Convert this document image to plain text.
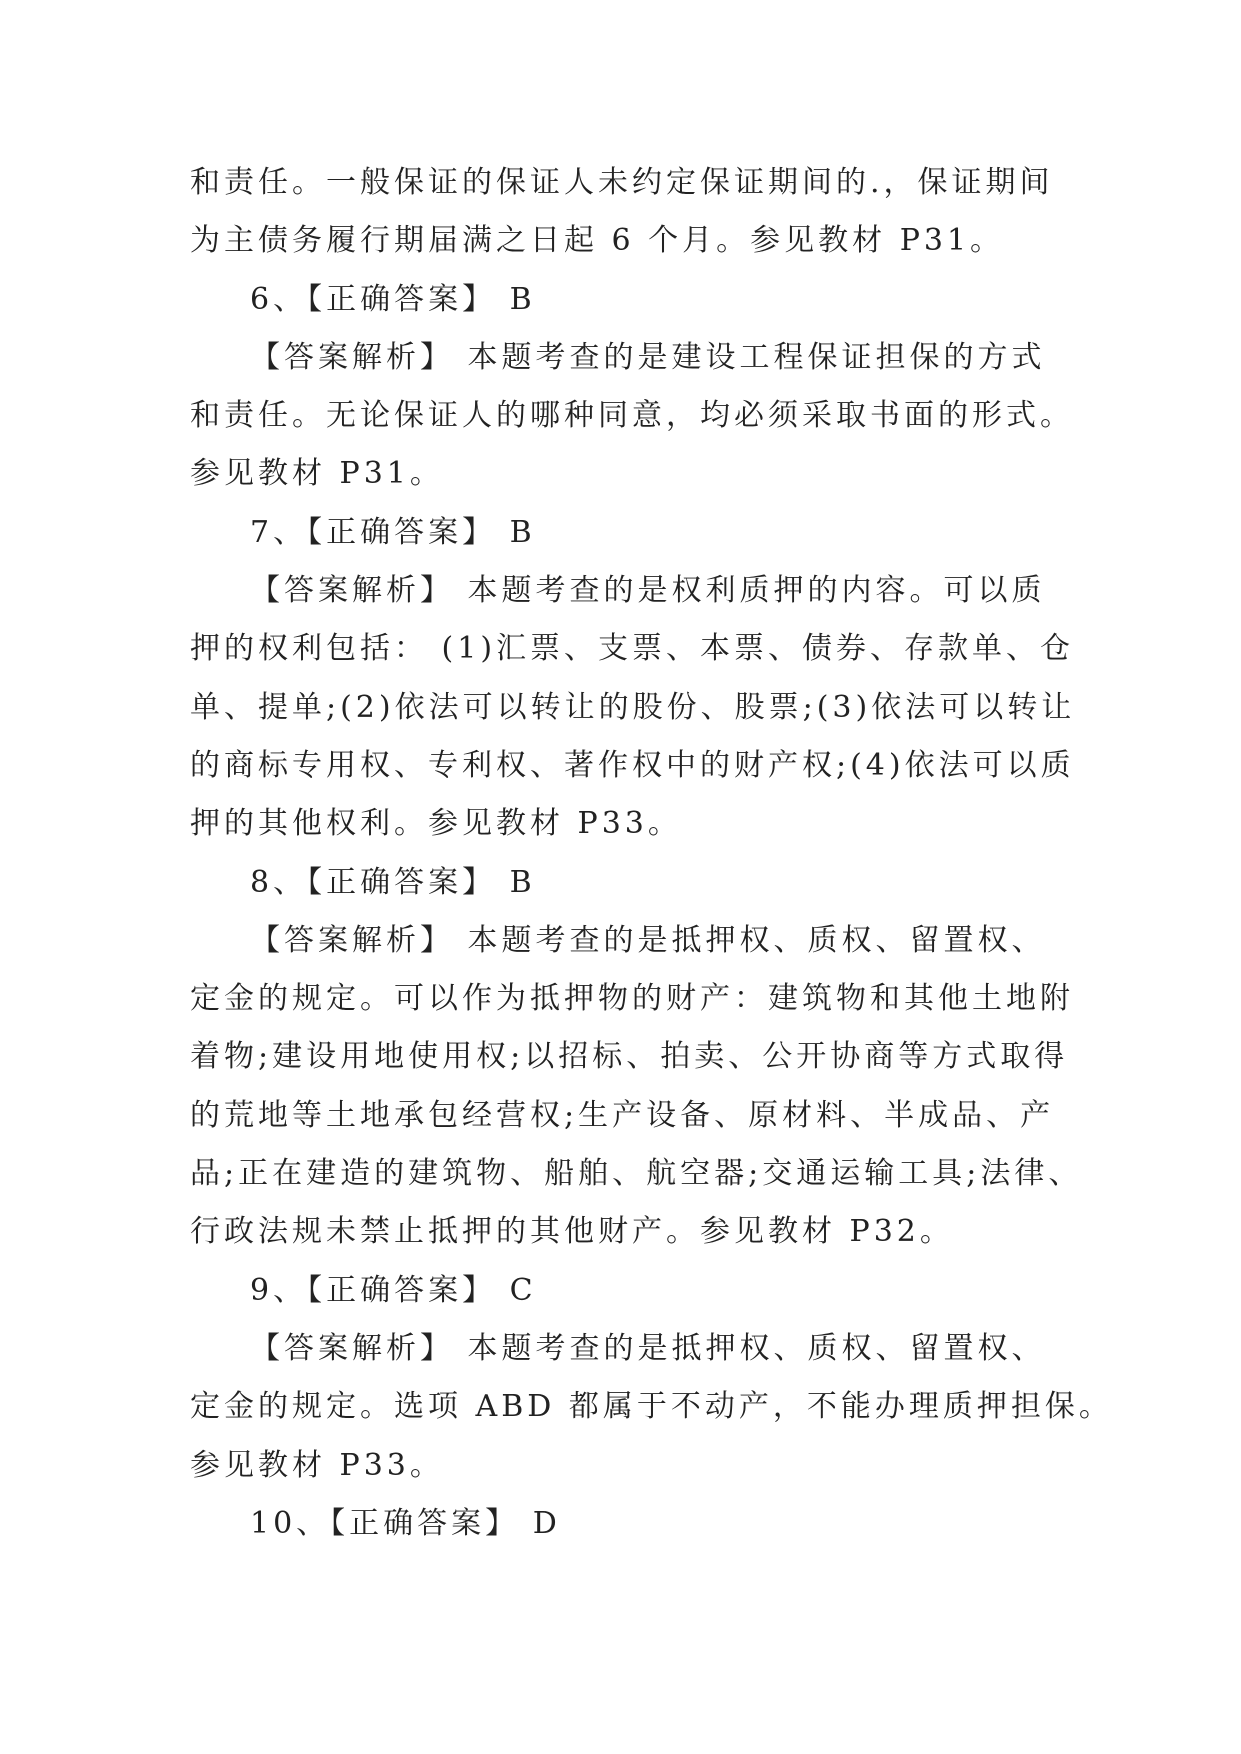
和责任。一般保证的保证人未约定保证期间的.，保证期间
为主债务履行期届满之日起 6 个月。参见教材 P31。
6、【正确答案】 B
【答案解析】 本题考查的是建设工程保证担保的方式
和责任。无论保证人的哪种同意，均必须采取书面的形式。
参见教材 P31。
7、【正确答案】 B
【答案解析】 本题考查的是权利质押的内容。可以质
押的权利包括： (1)汇票、支票、本票、债券、存款单、仓
单、提单;(2)依法可以转让的股份、股票;(3)依法可以转让
的商标专用权、专利权、著作权中的财产权;(4)依法可以质
押的其他权利。参见教材 P33。
8、【正确答案】 B
【答案解析】 本题考查的是抵押权、质权、留置权、
定金的规定。可以作为抵押物的财产：建筑物和其他土地附
着物;建设用地使用权;以招标、拍卖、公开协商等方式取得
的荒地等土地承包经营权;生产设备、原材料、半成品、产
品;正在建造的建筑物、船舶、航空器;交通运输工具;法律、
行政法规未禁止抵押的其他财产。参见教材 P32。
9、【正确答案】 C
【答案解析】 本题考查的是抵押权、质权、留置权、
定金的规定。选项 ABD 都属于不动产，不能办理质押担保。
参见教材 P33。
10、【正确答案】 D
